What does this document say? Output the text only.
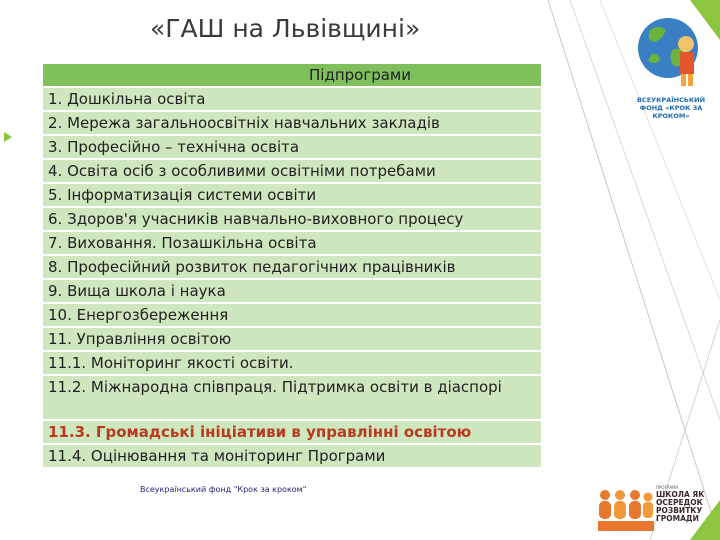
«ГАШ на Львівщині»
Підпрограми
1. Дошкільна освіта
2. Мережа загальноосвітніх навчальних закладів
3. Професійно – технічна освіта
4. Освіта осіб з особливими освітніми потребами
5. Інформатизація системи освіти
6. Здоров'я учасників навчально-виховного процесу
7. Виховання. Позашкільна освіта
8. Професійний розвиток педагогічних працівників
9. Вища школа і наука
10. Енергозбереження
11. Управління освітою
11.1. Моніторинг якості освіти.
11.2. Міжнародна співпраця. Підтримка освіти в діаспорі
11.3. Громадські ініціативи в управлінні освітою
11.4. Оцінювання та моніторинг Програми
Всеукраїнський фонд "Крок за кроком"
ВСЕУКРАЇНСЬКИЙ ФОНД «КРОК ЗА КРОКОМ»
ПРОГРАМА
ШКОЛА ЯК ОСЕРЕДОК РОЗВИТКУ ГРОМАДИ
